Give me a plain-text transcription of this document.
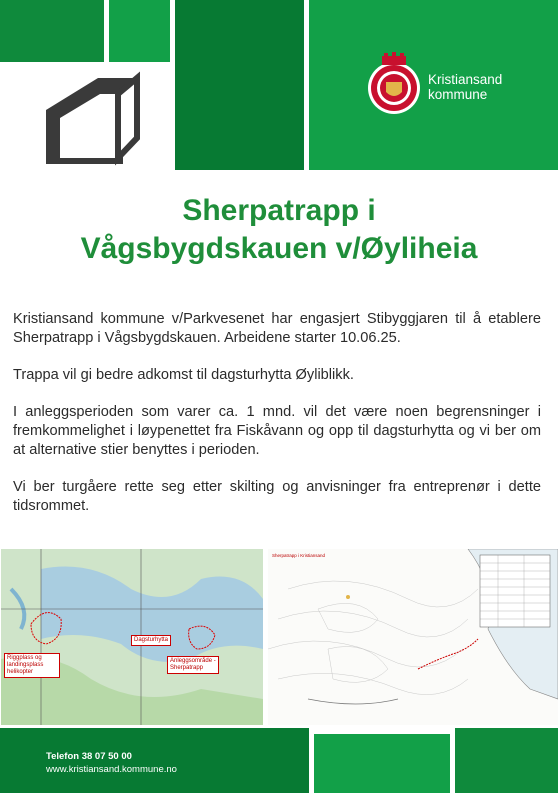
Kristiansand
kommune
Sherpatrapp i
Vågsbygdskauen v/Øyliheia

Kristiansand kommune v/Parkvesenet har engasjert Stibyggjaren til å etablere Sherpatrapp i Vågsbygdskauen. Arbeidene starter 10.06.25.

Trappa vil gi bedre adkomst til dagsturhytta Øyliblikk.

I anleggsperioden som varer ca. 1 mnd. vil det være noen begrensninger i fremkommelighet i løypenettet fra Fiskåvann og opp til dagsturhytta og vi ber om at alternative stier benyttes i perioden.

Vi ber turgåere rette seg etter skilting og anvisninger fra entreprenør i dette tidsrommet.

Dagsturhytta
Riggplass og landingsplass helikopter
Anleggsområde - Sherpatrapp
Sherpatrapp i Kristiansand
Telefon 38 07 50 00
www.kristiansand.kommune.no
